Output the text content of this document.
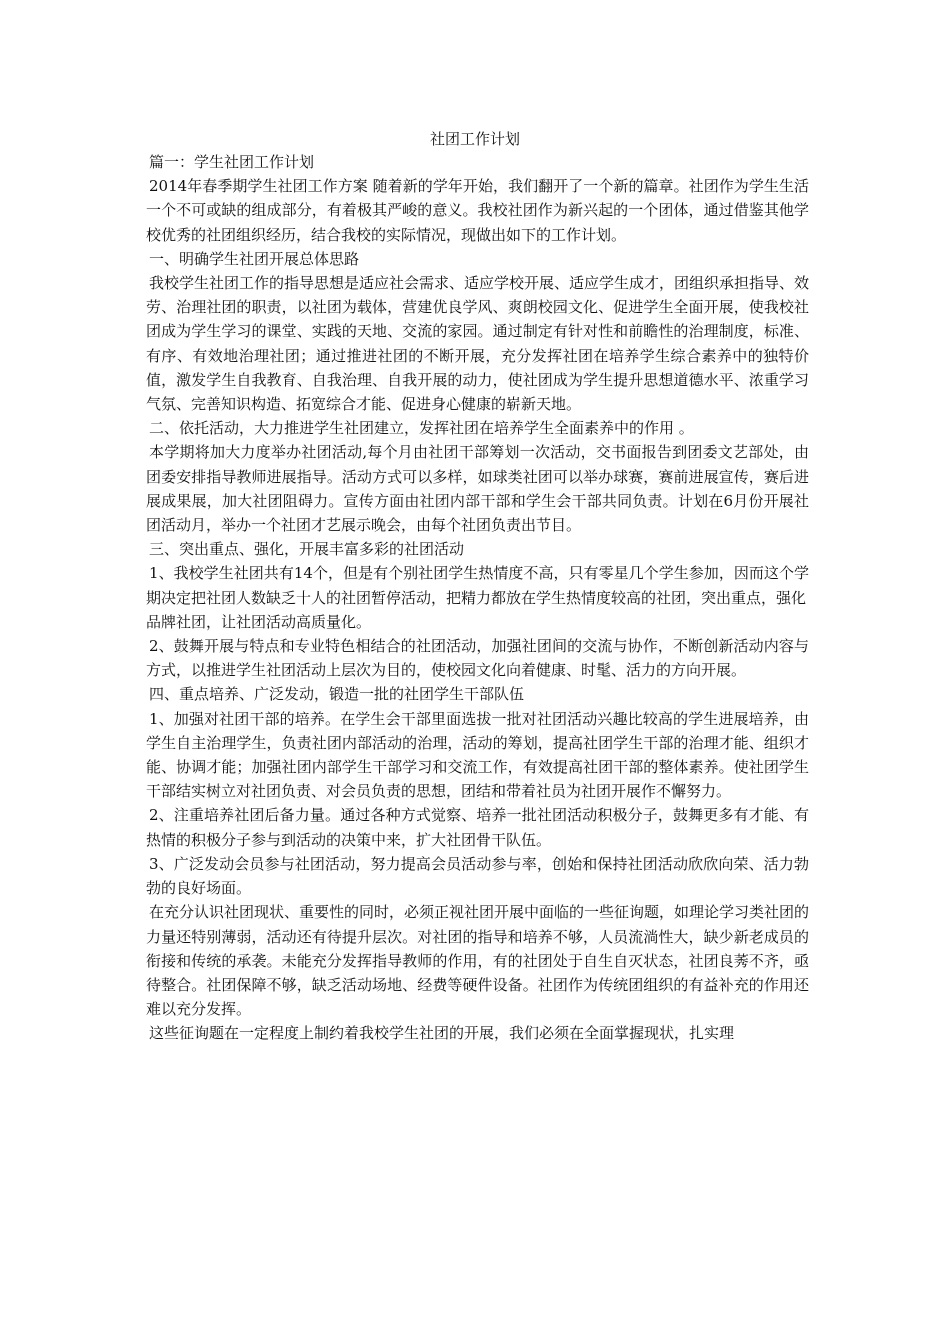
社团工作计划

篇一：学生社团工作计划

2014年春季期学生社团工作方案 随着新的学年开始，我们翻开了一个新的篇章。社团作为学生生活一个不可或缺的组成部分，有着极其严峻的意义。我校社团作为新兴起的一个团体，通过借鉴其他学校优秀的社团组织经历，结合我校的实际情况，现做出如下的工作计划。

一、明确学生社团开展总体思路

我校学生社团工作的指导思想是适应社会需求、适应学校开展、适应学生成才，团组织承担指导、效劳、治理社团的职责，以社团为载体，营建优良学风、爽朗校园文化、促进学生全面开展，使我校社团成为学生学习的课堂、实践的天地、交流的家园。通过制定有针对性和前瞻性的治理制度，标准、有序、有效地治理社团；通过推进社团的不断开展，充分发挥社团在培养学生综合素养中的独特价值，激发学生自我教育、自我治理、自我开展的动力，使社团成为学生提升思想道德水平、浓重学习气氛、完善知识构造、拓宽综合才能、促进身心健康的崭新天地。

二、依托活动，大力推进学生社团建立，发挥社团在培养学生全面素养中的作用 。

本学期将加大力度举办社团活动,每个月由社团干部筹划一次活动，交书面报告到团委文艺部处，由团委安排指导教师进展指导。活动方式可以多样，如球类社团可以举办球赛，赛前进展宣传，赛后进展成果展，加大社团阻碍力。宣传方面由社团内部干部和学生会干部共同负责。计划在6月份开展社团活动月，举办一个社团才艺展示晚会，由每个社团负责出节目。

三、突出重点、强化，开展丰富多彩的社团活动

1、我校学生社团共有14个，但是有个别社团学生热情度不高，只有零星几个学生参加，因而这个学期决定把社团人数缺乏十人的社团暂停活动，把精力都放在学生热情度较高的社团，突出重点，强化

品牌社团，让社团活动高质量化。

2、鼓舞开展与特点和专业特色相结合的社团活动，加强社团间的交流与协作，不断创新活动内容与方式，以推进学生社团活动上层次为目的，使校园文化向着健康、时髦、活力的方向开展。

四、重点培养、广泛发动，锻造一批的社团学生干部队伍

1、加强对社团干部的培养。在学生会干部里面选拔一批对社团活动兴趣比较高的学生进展培养，由学生自主治理学生，负责社团内部活动的治理，活动的筹划，提高社团学生干部的治理才能、组织才能、协调才能；加强社团内部学生干部学习和交流工作，有效提高社团干部的整体素养。使社团学生干部结实树立对社团负责、对会员负责的思想，团结和带着社员为社团开展作不懈努力。

2、注重培养社团后备力量。通过各种方式觉察、培养一批社团活动积极分子，鼓舞更多有才能、有热情的积极分子参与到活动的决策中来，扩大社团骨干队伍。

3、广泛发动会员参与社团活动，努力提高会员活动参与率，创始和保持社团活动欣欣向荣、活力勃勃的良好场面。

在充分认识社团现状、重要性的同时，必须正视社团开展中面临的一些征询题，如理论学习类社团的力量还特别薄弱，活动还有待提升层次。对社团的指导和培养不够，人员流淌性大，缺少新老成员的衔接和传统的承袭。未能充分发挥指导教师的作用，有的社团处于自生自灭状态，社团良莠不齐，亟待整合。社团保障不够，缺乏活动场地、经费等硬件设备。社团作为传统团组织的有益补充的作用还难以充分发挥。

这些征询题在一定程度上制约着我校学生社团的开展，我们必须在全面掌握现状，扎实理
